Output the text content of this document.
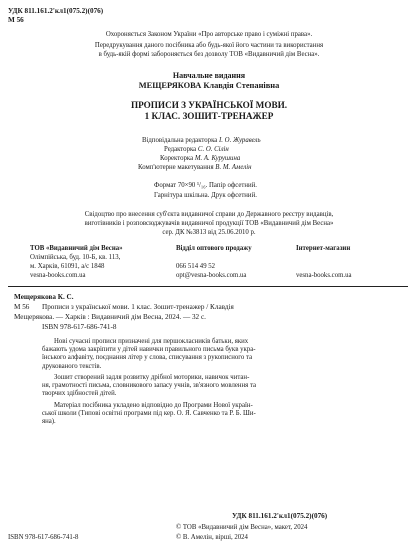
УДК 811.161.2'кл1(075.2)(076)
М 56
Охороняється Законом України «Про авторське право і суміжні права».
Передрукування даного посібника або будь-якої його частини та використання
в будь-якій формі забороняється без дозволу ТОВ «Видавничий дім Весна».
Навчальне видання
МЕЩЕРЯКОВА Клавдія Степанівна
ПРОПИСИ З УКРАЇНСЬКОЇ МОВИ.
1 КЛАС. ЗОШИТ-ТРЕНАЖЕР
Відповідальна редакторка І. О. Журавель
Редакторка С. О. Сілін
Коректорка М. А. Курушина
Комп'ютерне макетування В. М. Амелін
Формат 70×90 ¹/₁₆. Папір офсетний.
Гарнітура шкільна. Друк офсетний.
Свідоцтво про внесення суб'єкта видавничої справи до Державного реєстру видавців,
виготівників і розповсюджувачів видавничої продукції ТОВ «Видавничий дім Весна»
сер. ДК №3813 від 25.06.2010 р.
ТОВ «Видавничий дім Весна»
Олімпійська, буд. 10-Б, кв. 113,
м. Харків, 61091, а/с 1848
vesna-books.com.ua
Відділ оптового продажу
066 514 49 52
opt@vesna-books.com.ua
Інтернет-магазин
vesna-books.com.ua
Мещерякова К. С.
М 56 Прописи з української мови. 1 клас. Зошит-тренажер / Клавдія
Мещерякова. — Харків : Видавничий дім Весна, 2024. — 32 с.
ISBN 978-617-686-741-8
Нові сучасні прописи призначені для першокласників батьки, яких
бажають удома закріпити у дітей навички правильного письма букв укра-
їнського алфавіту, поєднання літер у слова, списування з рукописного та
друкованого текстів.
Зошит створений задля розвитку дрібної моторики, навичок читан-
ня, грамотності письма, словникового запасу учнів, зв'язного мовлення та
творчих здібностей дітей.
Матеріал посібника укладено відповідно до Програми Нової україн-
ської школи (Типові освітні програми під кер. О. Я. Савченко та Р. Б. Ши-
яна).
УДК 811.161.2'кл1(075.2)(076)
© ТОВ «Видавничий дім Весна», макет, 2024
ISBN 978-617-686-741-8	© В. Амелін, вірші, 2024
